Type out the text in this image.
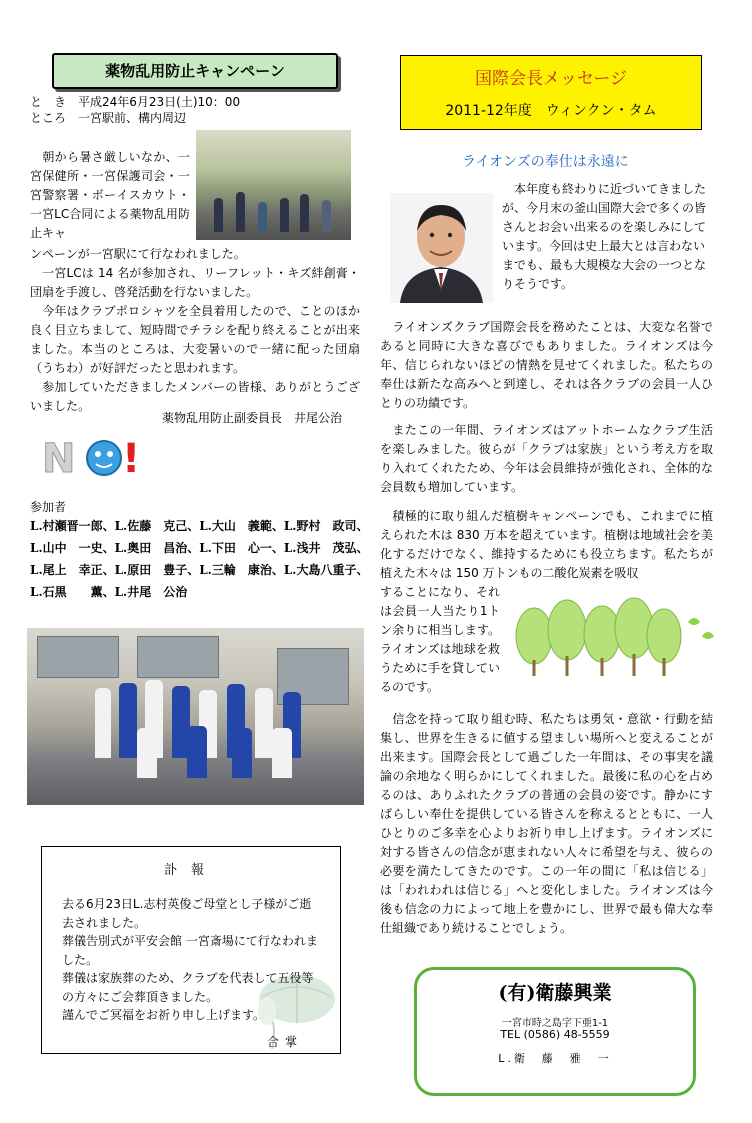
薬物乱用防止キャンペーン
と　き　平成24年6月23日(土)10：00
ところ　一宮駅前、構内周辺
　朝から暑さ厳しいなか、一宮保健所・一宮保護司会・一宮警察署・ボーイスカウト・一宮LC合同による薬物乱用防止キャ

ンペーンが一宮駅にて行なわれました。

　一宮LCは 14 名が参加され、リーフレット・キズ絆創膏・団扇を手渡し、啓発活動を行ないました。

　今年はクラブポロシャツを全員着用したので、ことのほか良く目立ちまして、短時間でチラシを配り終えることが出来ました。本当のところは、大変暑いので一緒に配った団扇（うちわ）が好評だったと思われます。

　参加していただきましたメンバーの皆様、ありがとうございました。

薬物乱用防止副委員長　井尾公治
N !
参加者
L.村瀬晋一郎、L.佐藤　克己、L.大山　義範、L.野村　政司、
L.山中　一史、L.奥田　昌治、L.下田　心一、L.浅井　茂弘、
L.尾上　幸正、L.原田　豊子、L.三輪　康治、L.大島八重子、
L.石黒　　薫、L.井尾　公治
訃報

去る6月23日L.志村英俊ご母堂とし子様がご逝去されました。

葬儀告別式が平安会館 一宮斎場にて行なわれました。

葬儀は家族葬のため、クラブを代表して五役等の方々にご会葬頂きました。

謹んでご冥福をお祈り申し上げます。

合掌
国際会長メッセージ
2011-12年度　ウィンクン・タム
ライオンズの奉仕は永遠に
　本年度も終わりに近づいてきましたが、今月末の釜山国際大会で多くの皆さんとお会い出来るのを楽しみにしています。今回は史上最大とは言わないまでも、最も大規模な大会の一つとなりそうです。
　ライオンズクラブ国際会長を務めたことは、大変な名誉であると同時に大きな喜びでもありました。ライオンズは今年、信じられないほどの情熱を見せてくれました。私たちの奉仕は新たな高みへと到達し、それは各クラブの会員一人ひとりの功績です。
　またこの一年間、ライオンズはアットホームなクラブ生活を楽しみました。彼らが「クラブは家族」という考え方を取り入れてくれたため、今年は会員維持が強化され、全体的な会員数も増加しています。
　積極的に取り組んだ植樹キャンペーンでも、これまでに植えられた木は 830 万本を超えています。植樹は地域社会を美化するだけでなく、維持するためにも役立ちます。私たちが植えた木々は 150 万トンもの二酸化炭素を吸収
することになり、それは会員一人当たり1トン余りに相当します。ライオンズは地球を救うために手を貸しているのです。
　信念を持って取り組む時、私たちは勇気・意欲・行動を結集し、世界を生きるに値する望ましい場所へと変えることが出来ます。国際会長として過ごした一年間は、その事実を議論の余地なく明らかにしてくれました。最後に私の心を占めるのは、ありふれたクラブの普通の会員の姿です。静かにすばらしい奉仕を提供している皆さんを称えるとともに、一人ひとりのご多幸を心よりお祈り申し上げます。ライオンズに対する皆さんの信念が恵まれない人々に希望を与え、彼らの必要を満たしてきたのです。この一年の間に「私は信じる」は「われわれは信じる」へと変化しました。ライオンズは今後も信念の力によって地上を豊かにし、世界で最も偉大な奉仕組織であり続けることでしょう。
(有)衛藤興業
一宮市時之島字下亜1-1
TEL (0586) 48-5559
L.衛　藤　雅　一
